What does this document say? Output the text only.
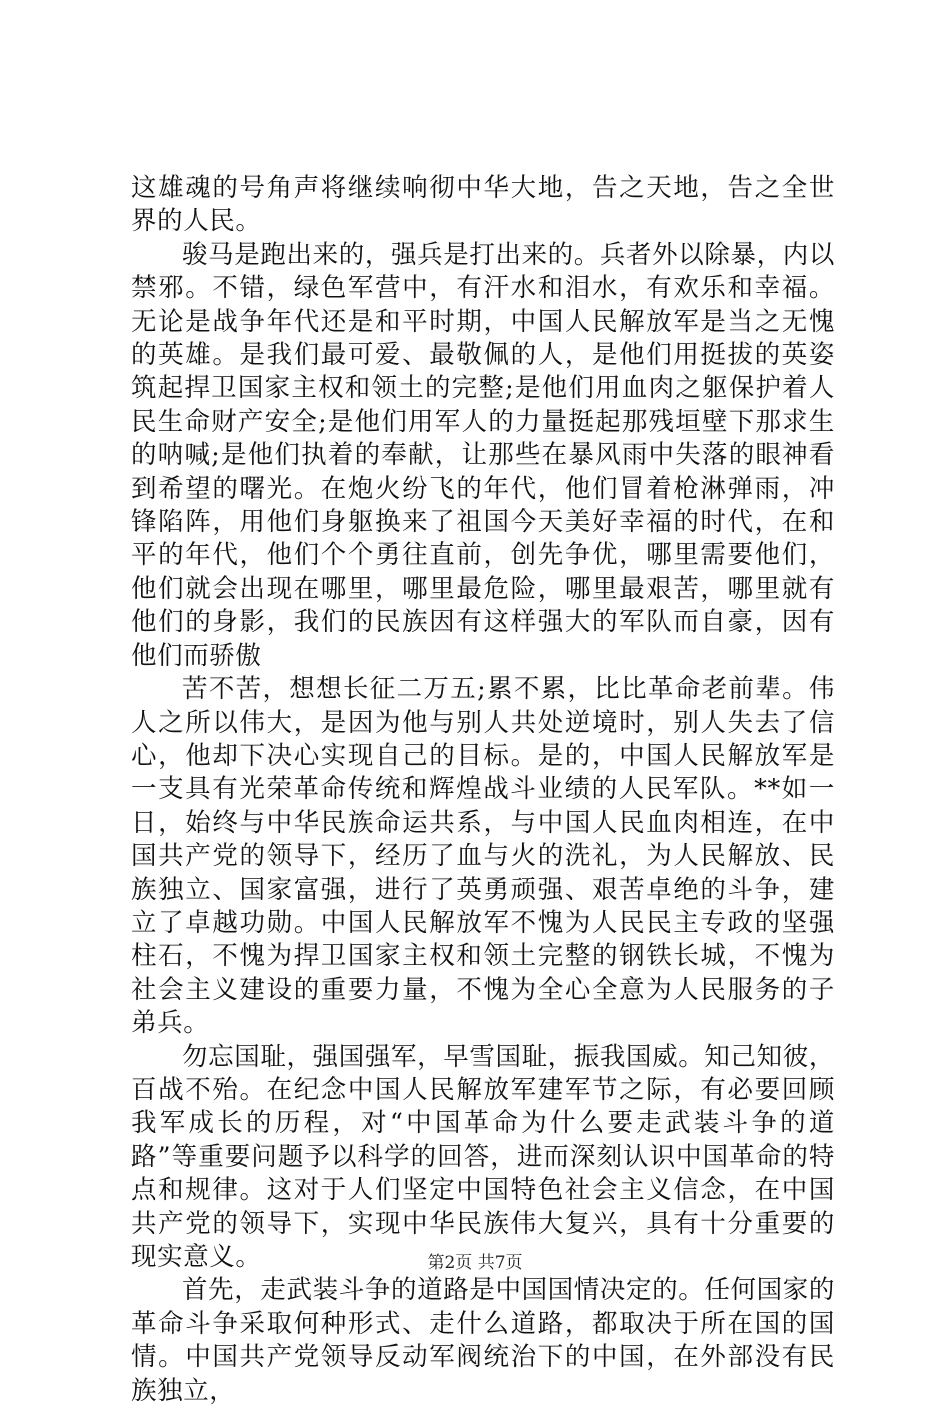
这雄魂的号角声将继续响彻中华大地，告之天地，告之全世界的人民。

骏马是跑出来的，强兵是打出来的。兵者外以除暴，内以禁邪。不错，绿色军营中，有汗水和泪水，有欢乐和幸福。无论是战争年代还是和平时期，中国人民解放军是当之无愧的英雄。是我们最可爱、最敬佩的人，是他们用挺拔的英姿筑起捍卫国家主权和领土的完整;是他们用血肉之躯保护着人民生命财产安全;是他们用军人的力量挺起那残垣壁下那求生的呐喊;是他们执着的奉献，让那些在暴风雨中失落的眼神看到希望的曙光。在炮火纷飞的年代，他们冒着枪淋弹雨，冲锋陷阵，用他们身躯换来了祖国今天美好幸福的时代，在和平的年代，他们个个勇往直前，创先争优，哪里需要他们，他们就会出现在哪里，哪里最危险，哪里最艰苦，哪里就有他们的身影，我们的民族因有这样强大的军队而自豪，因有他们而骄傲

苦不苦，想想长征二万五;累不累，比比革命老前辈。伟人之所以伟大，是因为他与别人共处逆境时，别人失去了信心，他却下决心实现自己的目标。是的，中国人民解放军是一支具有光荣革命传统和辉煌战斗业绩的人民军队。**如一日，始终与中华民族命运共系，与中国人民血肉相连，在中国共产党的领导下，经历了血与火的洗礼，为人民解放、民族独立、国家富强，进行了英勇顽强、艰苦卓绝的斗争，建立了卓越功勋。中国人民解放军不愧为人民民主专政的坚强柱石，不愧为捍卫国家主权和领土完整的钢铁长城，不愧为社会主义建设的重要力量，不愧为全心全意为人民服务的子弟兵。

勿忘国耻，强国强军，早雪国耻，振我国威。知己知彼，百战不殆。在纪念中国人民解放军建军节之际，有必要回顾我军成长的历程，对“中国革命为什么要走武装斗争的道路”等重要问题予以科学的回答，进而深刻认识中国革命的特点和规律。这对于人们坚定中国特色社会主义信念，在中国共产党的领导下，实现中华民族伟大复兴，具有十分重要的现实意义。

首先，走武装斗争的道路是中国国情决定的。任何国家的革命斗争采取何种形式、走什么道路，都取决于所在国的国情。中国共产党领导反动军阀统治下的中国，在外部没有民族独立，

第2页 共7页
